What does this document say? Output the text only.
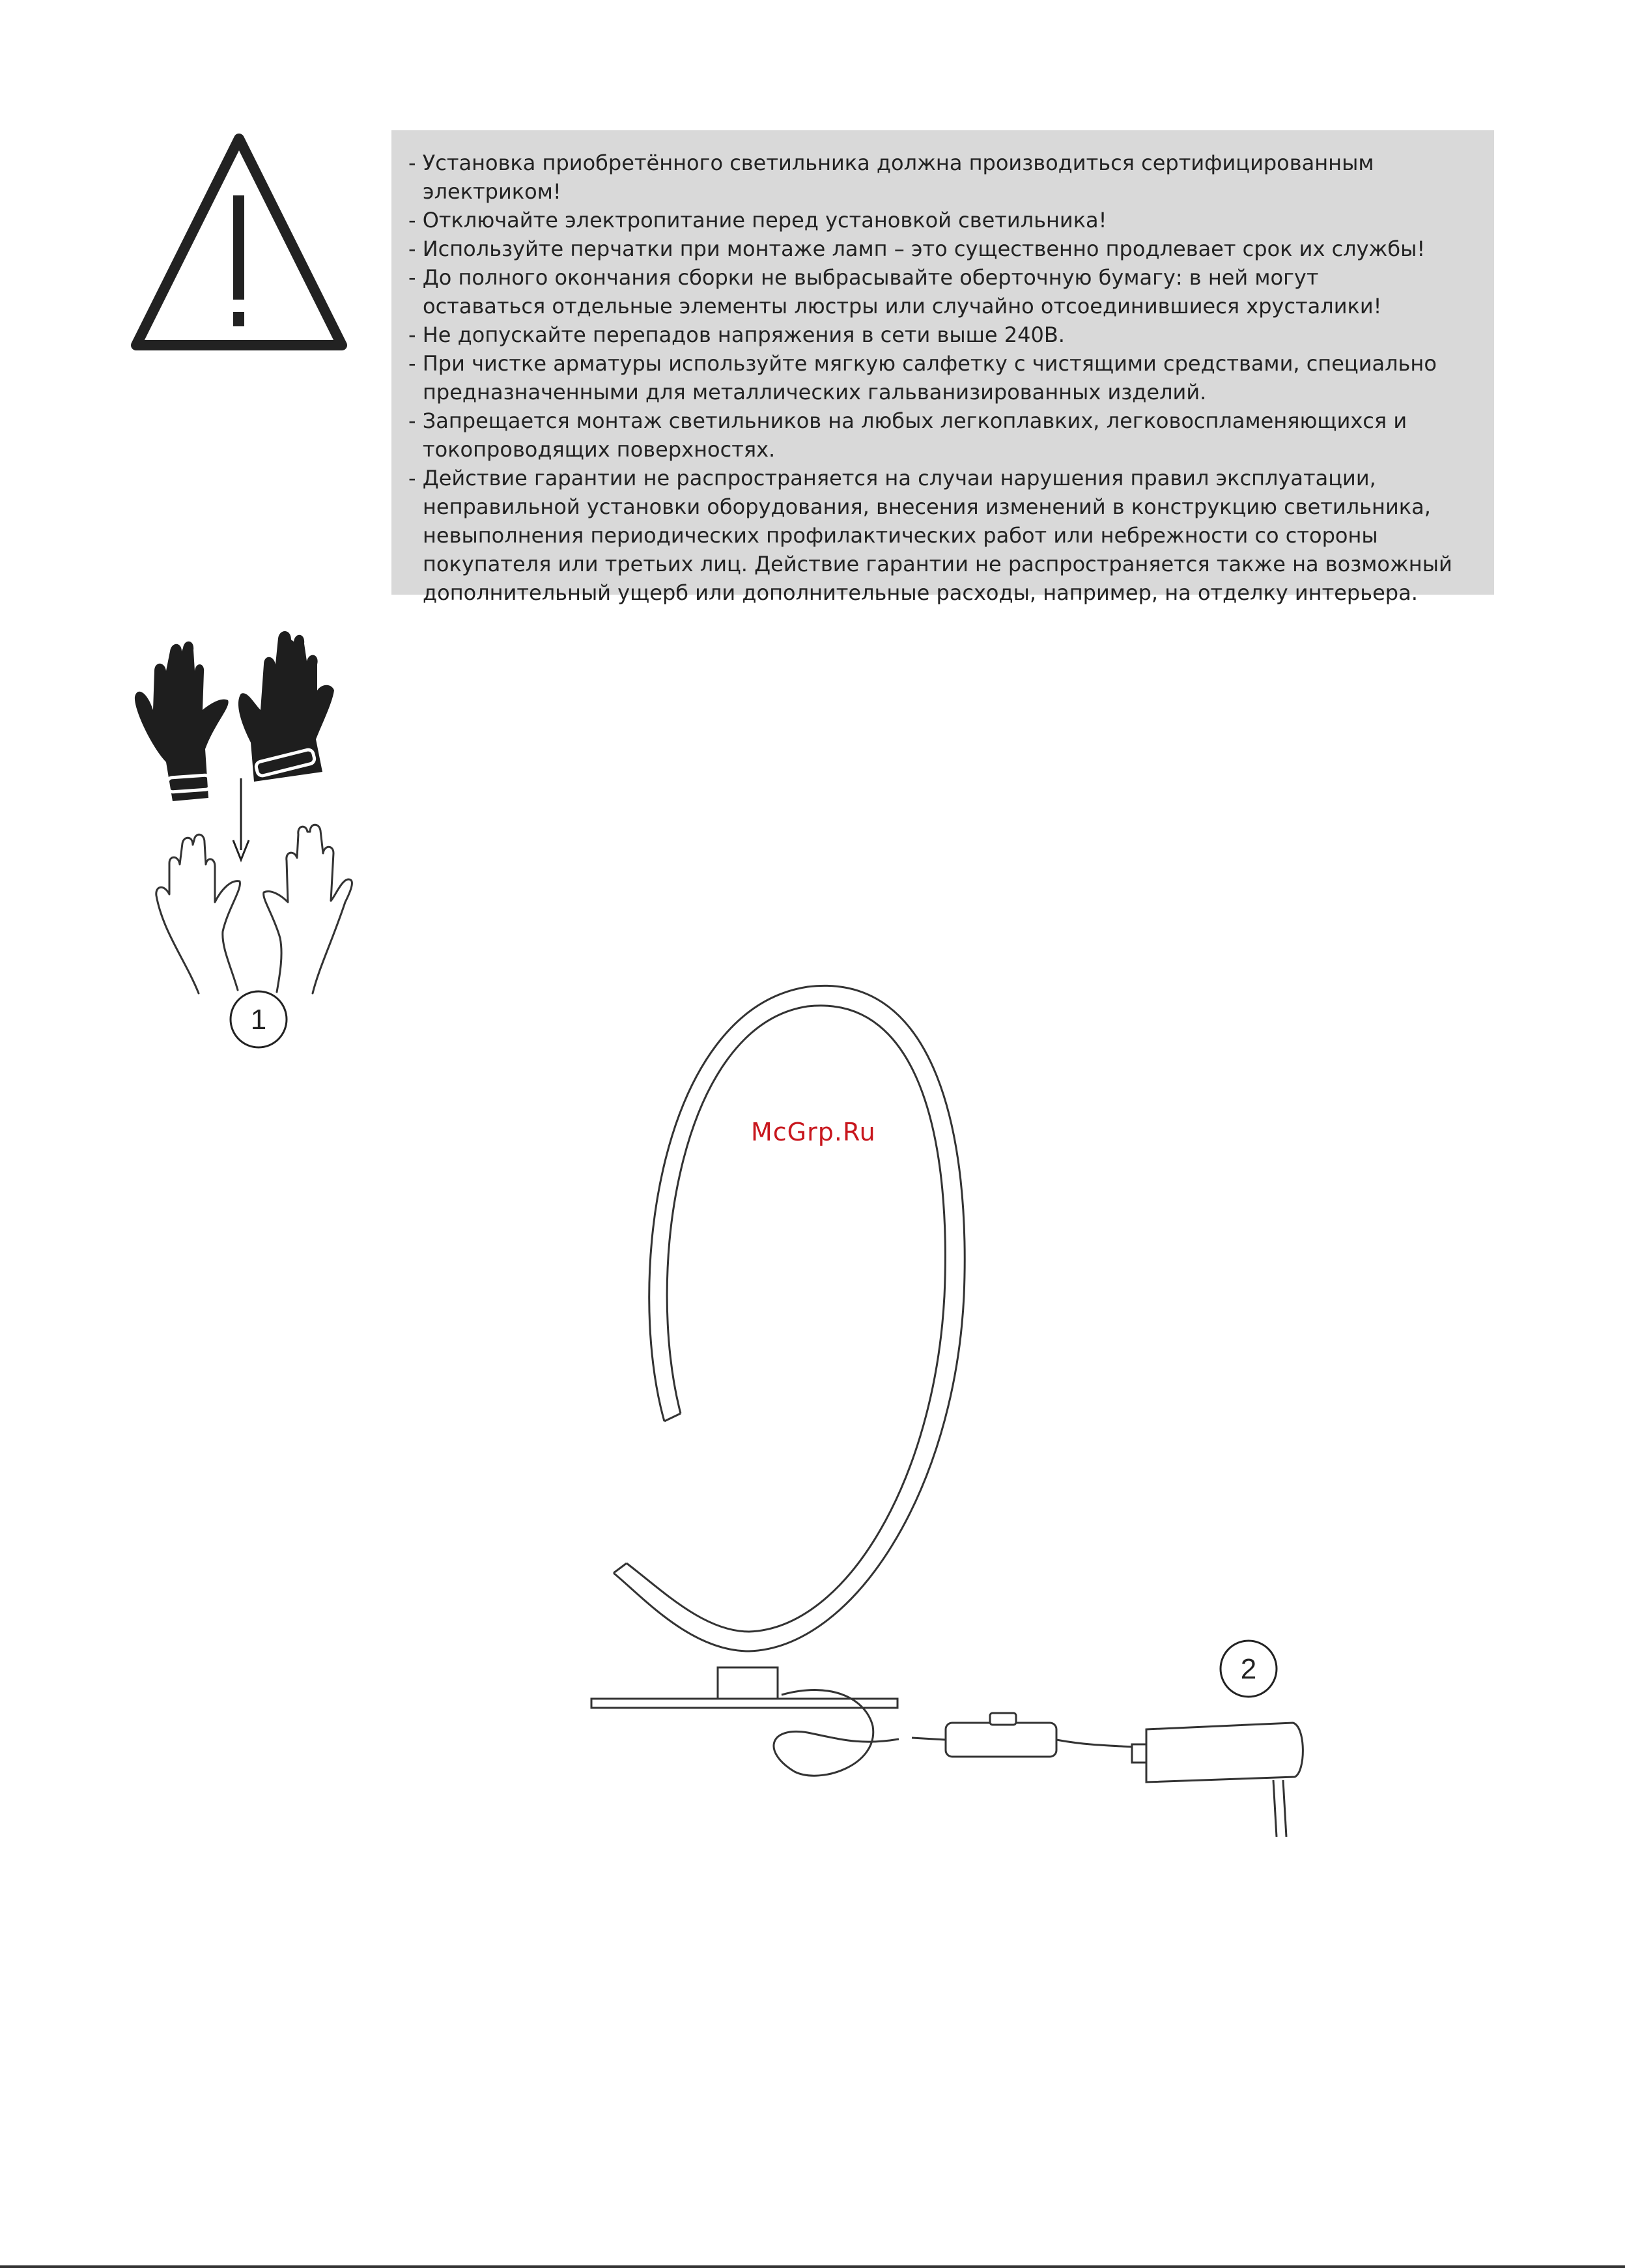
- Установка приобретённого светильника должна производиться сертифицированным электриком!
- Отключайте электропитание перед установкой светильника!
- Используйте перчатки при монтаже ламп – это существенно продлевает срок их службы!
- До полного окончания сборки не выбрасывайте оберточную бумагу: в ней могут оставаться отдельные элементы люстры или случайно отсоединившиеся хрусталики!
- Не допускайте перепадов напряжения в сети выше 240В.
- При чистке арматуры используйте мягкую салфетку с чистящими средствами, специально предназначенными для металлических гальванизированных изделий.
- Запрещается монтаж светильников на любых легкоплавких, легковоспламеняющихся и токопроводящих поверхностях.
- Действие гарантии не распространяется на случаи нарушения правил эксплуатации, неправильной установки оборудования, внесения изменений в конструкцию светильника, невыполнения периодических профилактических работ или небрежности со стороны покупателя или третьих лиц. Действие гарантии не распространяется также на возможный дополнительный ущерб или дополнительные расходы, например, на отделку интерьера.
1
McGrp.Ru
2
